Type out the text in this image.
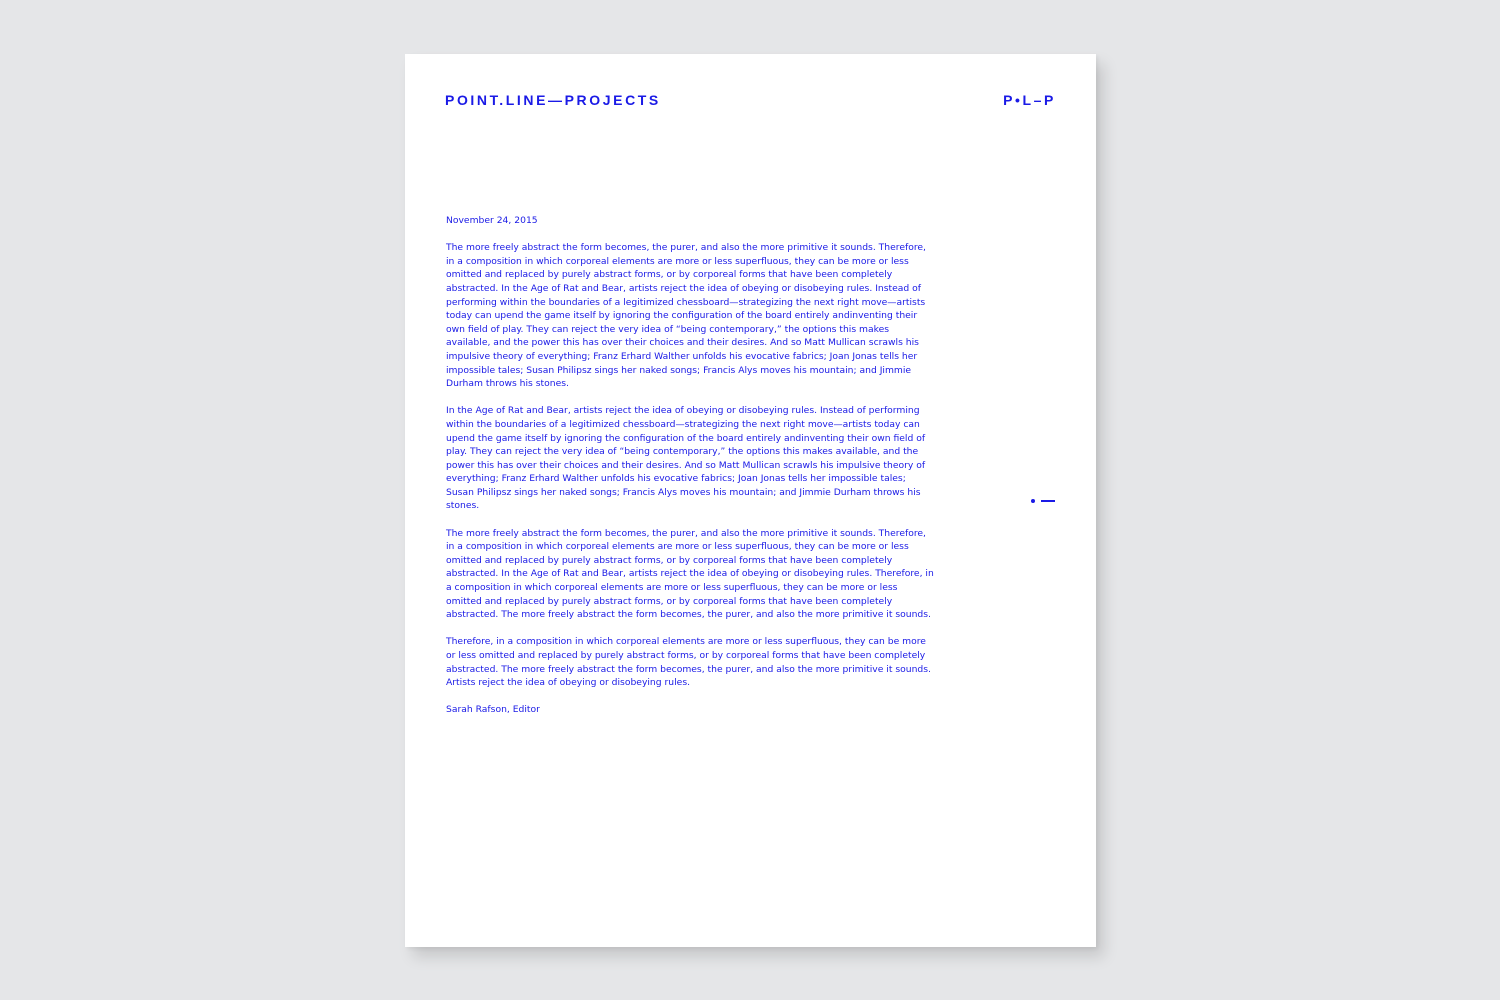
POINT.LINE—PROJECTS	P•L–P

November 24, 2015

The more freely abstract the form becomes, the purer, and also the more primitive it sounds. Therefore, in a composition in which corporeal elements are more or less superfluous, they can be more or less omitted and replaced by purely abstract forms, or by corporeal forms that have been completely abstracted. In the Age of Rat and Bear, artists reject the idea of obeying or disobeying rules. Instead of performing within the boundaries of a legitimized chessboard—strategizing the next right move—artists today can upend the game itself by ignoring the configuration of the board entirely andinventing their own field of play. They can reject the very idea of “being contemporary,” the options this makes available, and the power this has over their choices and their desires. And so Matt Mullican scrawls his impulsive theory of everything; Franz Erhard Walther unfolds his evocative fabrics; Joan Jonas tells her impossible tales; Susan Philipsz sings her naked songs; Francis Alys moves his mountain; and Jimmie Durham throws his stones.

In the Age of Rat and Bear, artists reject the idea of obeying or disobeying rules. Instead of performing within the boundaries of a legitimized chessboard—strategizing the next right move—artists today can upend the game itself by ignoring the configuration of the board entirely andinventing their own field of play. They can reject the very idea of “being contemporary,” the options this makes available, and the power this has over their choices and their desires. And so Matt Mullican scrawls his impulsive theory of everything; Franz Erhard Walther unfolds his evocative fabrics; Joan Jonas tells her impossible tales; Susan Philipsz sings her naked songs; Francis Alys moves his mountain; and Jimmie Durham throws his stones.

The more freely abstract the form becomes, the purer, and also the more primitive it sounds. Therefore, in a composition in which corporeal elements are more or less superfluous, they can be more or less omitted and replaced by purely abstract forms, or by corporeal forms that have been completely abstracted. In the Age of Rat and Bear, artists reject the idea of obeying or disobeying rules. Therefore, in a composition in which corporeal elements are more or less superfluous, they can be more or less omitted and replaced by purely abstract forms, or by corporeal forms that have been completely abstracted. The more freely abstract the form becomes, the purer, and also the more primitive it sounds.

Therefore, in a composition in which corporeal elements are more or less superfluous, they can be more or less omitted and replaced by purely abstract forms, or by corporeal forms that have been completely abstracted. The more freely abstract the form becomes, the purer, and also the more primitive it sounds. Artists reject the idea of obeying or disobeying rules.

Sarah Rafson, Editor
